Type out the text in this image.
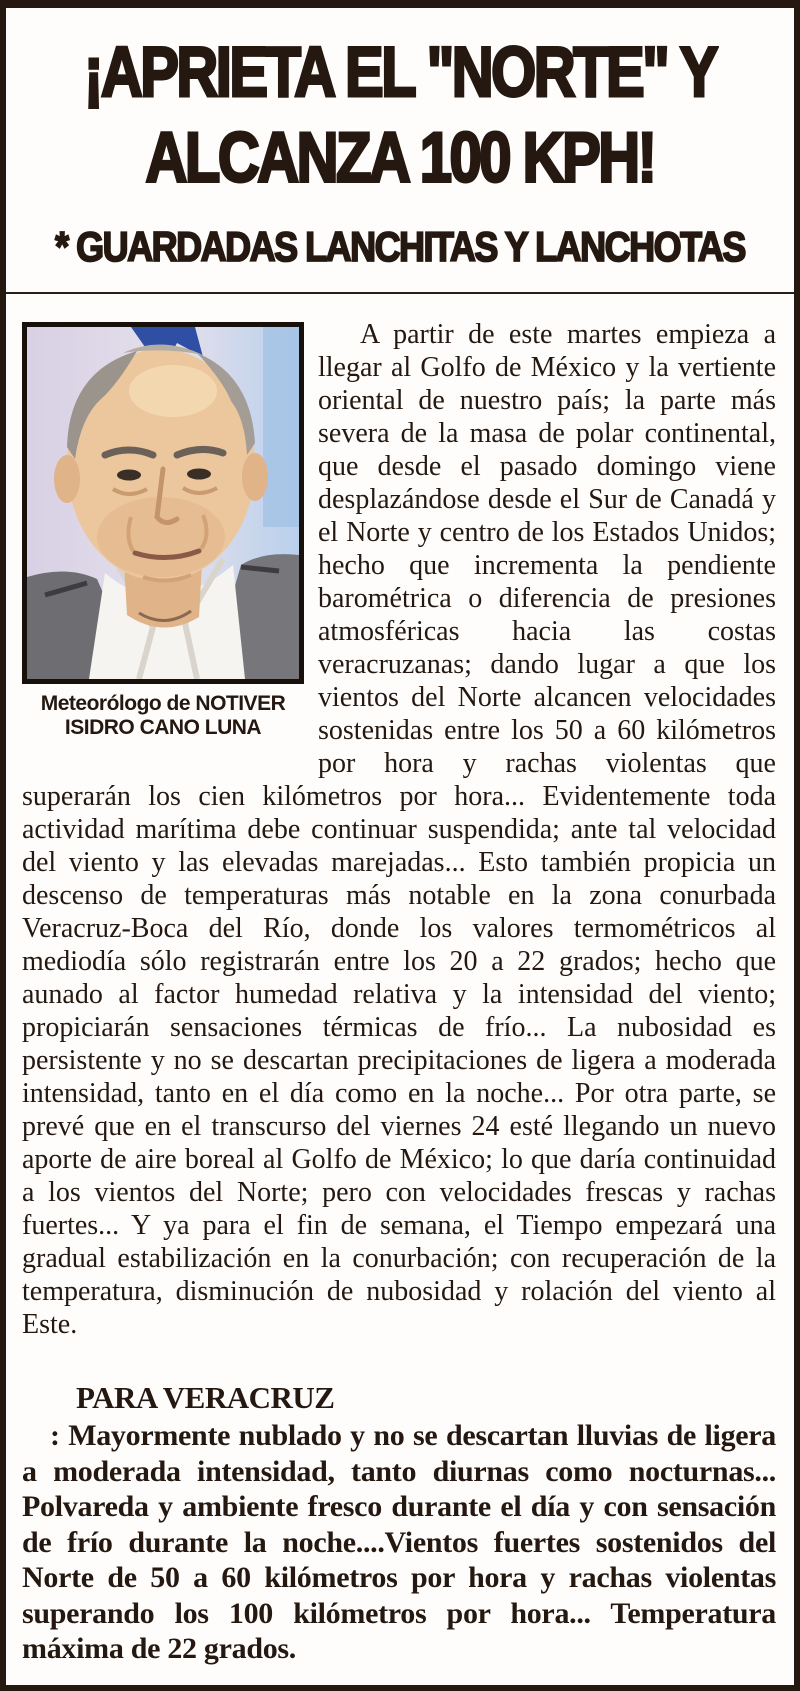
¡APRIETA EL "NORTE" Y
ALCANZA 100 KPH!
* GUARDADAS LANCHITAS Y LANCHOTAS
Meteorólogo de NOTIVER
ISIDRO CANO LUNA

A partir de este martes empieza a llegar al Golfo de México y la vertiente oriental de nuestro país; la parte más severa de la masa de polar continental, que desde el pasado domingo viene desplazándose desde el Sur de Canadá y el Norte y centro de los Estados Unidos; hecho que incrementa la pendiente barométrica o diferencia de presiones atmosféricas hacia las costas veracruzanas; dando lugar a que los vientos del Norte alcancen velocidades sostenidas entre los 50 a 60 kilómetros por hora y rachas violentas que superarán los cien kilómetros por hora... Evidentemente toda actividad marítima debe continuar suspendida; ante tal velocidad del viento y las elevadas marejadas... Esto también propicia un descenso de temperaturas más notable en la zona conurbada Veracruz-Boca del Río, donde los valores termométricos al mediodía sólo registrarán entre los 20 a 22 grados; hecho que aunado al factor humedad relativa y la intensidad del viento; propiciarán sensaciones térmicas de frío... La nubosidad es persistente y no se descartan precipitaciones de ligera a moderada intensidad, tanto en el día como en la noche... Por otra parte, se prevé que en el transcurso del viernes 24 esté llegando un nuevo aporte de aire boreal al Golfo de México; lo que daría continuidad a los vientos del Norte; pero con velocidades frescas y rachas fuertes... Y ya para el fin de semana, el Tiempo empezará una gradual estabilización en la conurbación; con recuperación de la temperatura, disminución de nubosidad y rolación del viento al Este.

PARA VERACRUZ

: Mayormente nublado y no se descartan lluvias de ligera a moderada intensidad, tanto diurnas como nocturnas... Polvareda y ambiente fresco durante el día y con sensación de frío durante la noche....Vientos fuertes sostenidos del Norte de 50 a 60 kilómetros por hora y rachas violentas superando los 100 kilómetros por hora... Temperatura máxima de 22 grados.
